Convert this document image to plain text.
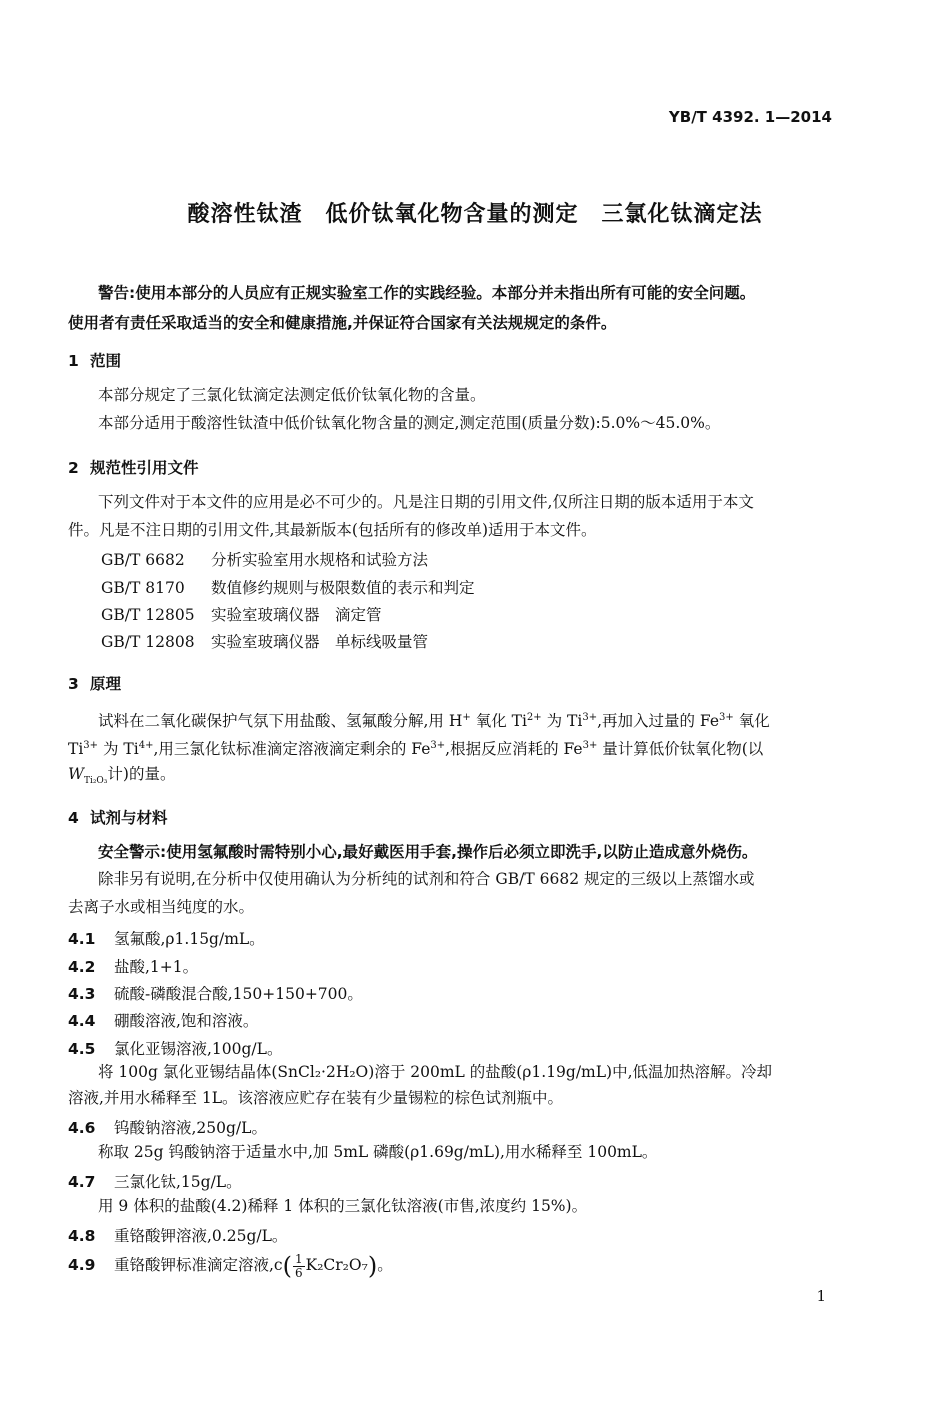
YB/T 4392. 1—2014
酸溶性钛渣　低价钛氧化物含量的测定　三氯化钛滴定法
警告:使用本部分的人员应有正规实验室工作的实践经验。本部分并未指出所有可能的安全问题。
使用者有责任采取适当的安全和健康措施,并保证符合国家有关法规规定的条件。
1 范围
本部分规定了三氯化钛滴定法测定低价钛氧化物的含量。
本部分适用于酸溶性钛渣中低价钛氧化物含量的测定,测定范围(质量分数):5.0%～45.0%。
2 规范性引用文件
下列文件对于本文件的应用是必不可少的。凡是注日期的引用文件,仅所注日期的版本适用于本文
件。凡是不注日期的引用文件,其最新版本(包括所有的修改单)适用于本文件。
GB/T 6682 分析实验室用水规格和试验方法
GB/T 8170 数值修约规则与极限数值的表示和判定
GB/T 12805 实验室玻璃仪器　滴定管
GB/T 12808 实验室玻璃仪器　单标线吸量管
3 原理
试料在二氧化碳保护气氛下用盐酸、氢氟酸分解,用 H+ 氧化 $Ti^{2+}$ 为 $Ti^{3+}$,再加入过量的 $Fe^{3+}$ 氧化
$Ti^{3+}$ 为 $Ti^{4+}$,用三氯化钛标准滴定溶液滴定剩余的 $Fe^{3+}$,根据反应消耗的 $Fe^{3+}$ 量计算低价钛氧化物(以
$W_{Ti_2O_3}$计)的量。
4 试剂与材料
安全警示:使用氢氟酸时需特别小心,最好戴医用手套,操作后必须立即洗手,以防止造成意外烧伤。
除非另有说明,在分析中仅使用确认为分析纯的试剂和符合 GB/T 6682 规定的三级以上蒸馏水或
去离子水或相当纯度的水。
4.1 氢氟酸,ρ1.15g/mL。
4.2 盐酸,1+1。
4.3 硫酸-磷酸混合酸,150+150+700。
4.4 硼酸溶液,饱和溶液。
4.5 氯化亚锡溶液,100g/L。
将 100g 氯化亚锡结晶体(SnCl₂·2H₂O)溶于 200mL 的盐酸(ρ1.19g/mL)中,低温加热溶解。冷却
溶液,并用水稀释至 1L。该溶液应贮存在装有少量锡粒的棕色试剂瓶中。
4.6 钨酸钠溶液,250g/L。
称取 25g 钨酸钠溶于适量水中,加 5mL 磷酸(ρ1.69g/mL),用水稀释至 100mL。
4.7 三氯化钛,15g/L。
用 9 体积的盐酸(4.2)稀释 1 体积的三氯化钛溶液(市售,浓度约 15%)。
4.8 重铬酸钾溶液,0.25g/L。
4.9 重铬酸钾标准滴定溶液$,c( \frac{1}{6} K_2Cr_2O_7)$。
1
